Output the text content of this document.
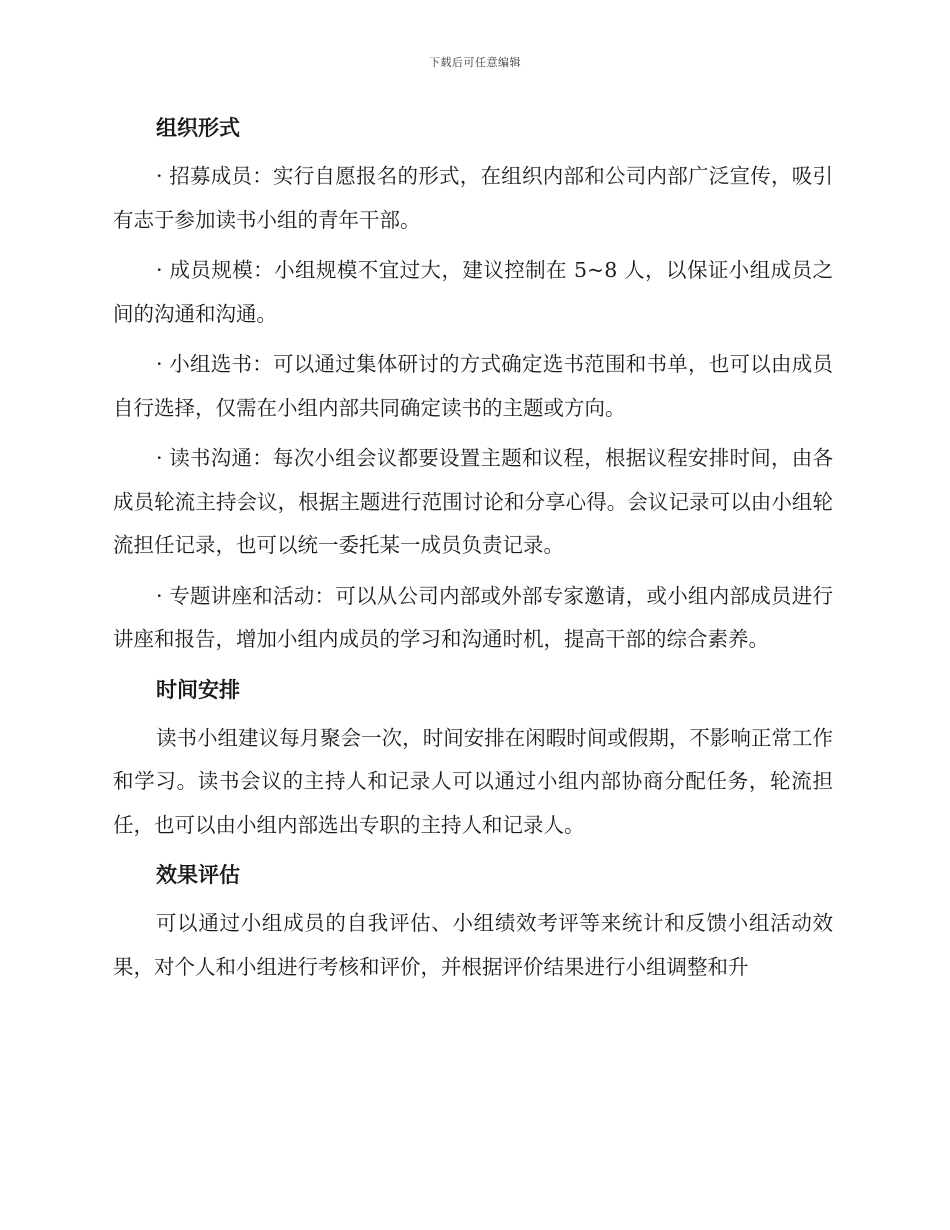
下载后可任意编辑
组织形式

· 招募成员：实行自愿报名的形式，在组织内部和公司内部广泛宣传，吸引有志于参加读书小组的青年干部。

· 成员规模：小组规模不宜过大，建议控制在 5~8 人，以保证小组成员之间的沟通和沟通。

· 小组选书：可以通过集体研讨的方式确定选书范围和书单，也可以由成员自行选择，仅需在小组内部共同确定读书的主题或方向。

· 读书沟通：每次小组会议都要设置主题和议程，根据议程安排时间，由各成员轮流主持会议，根据主题进行范围讨论和分享心得。会议记录可以由小组轮流担任记录，也可以统一委托某一成员负责记录。

· 专题讲座和活动：可以从公司内部或外部专家邀请，或小组内部成员进行讲座和报告，增加小组内成员的学习和沟通时机，提高干部的综合素养。

时间安排

读书小组建议每月聚会一次，时间安排在闲暇时间或假期，不影响正常工作和学习。读书会议的主持人和记录人可以通过小组内部协商分配任务，轮流担任，也可以由小组内部选出专职的主持人和记录人。

效果评估

可以通过小组成员的自我评估、小组绩效考评等来统计和反馈小组活动效果，对个人和小组进行考核和评价，并根据评价结果进行小组调整和升
